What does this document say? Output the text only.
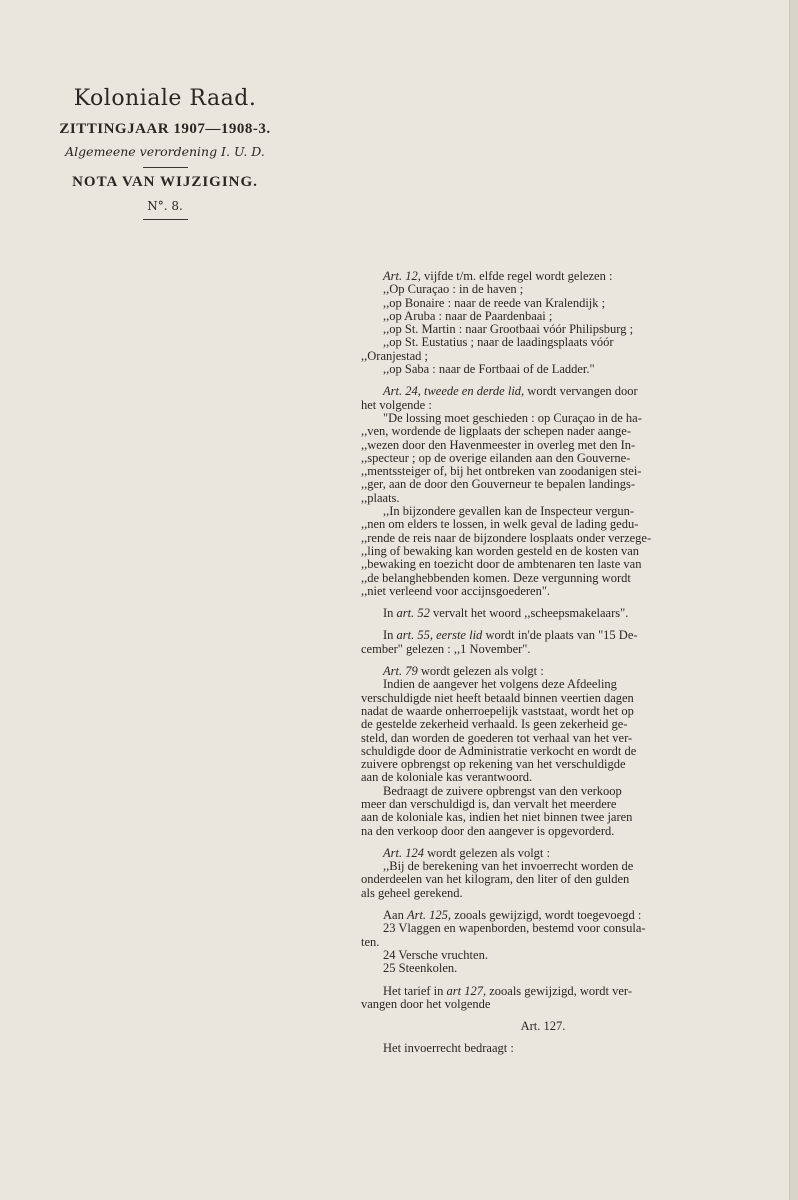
Koloniale Raad.
ZITTINGJAAR 1907—1908-3.
Algemeene verordening I. U. D.
NOTA VAN WIJZIGING.
N°. 8.
Art. 12, vijfde t/m. elfde regel wordt gelezen :
,,Op Curaçao : in de haven ;
,,op Bonaire : naar de reede van Kralendijk ;
,,op Aruba : naar de Paardenbaai ;
,,op St. Martin : naar Grootbaai vóór Philipsburg ;
,,op St. Eustatius ; naar de laadingsplaats vóór
,,Oranjestad ;
,,op Saba : naar de Fortbaai of de Ladder."
Art. 24, tweede en derde lid, wordt vervangen door
het volgende :
"De lossing moet geschieden : op Curaçao in de ha-
,,ven, wordende de ligplaats der schepen nader aange-
,,wezen door den Havenmeester in overleg met den In-
,,specteur ; op de overige eilanden aan den Gouverne-
,,mentssteiger of, bij het ontbreken van zoodanigen stei-
,,ger, aan de door den Gouverneur te bepalen landings-
,,plaats.
,,In bijzondere gevallen kan de Inspecteur vergun-
,,nen om elders te lossen, in welk geval de lading gedu-
,,rende de reis naar de bijzondere losplaats onder verzege-
,,ling of bewaking kan worden gesteld en de kosten van
,,bewaking en toezicht door de ambtenaren ten laste van
,,de belanghebbenden komen. Deze vergunning wordt
,,niet verleend voor accijnsgoederen".
In art. 52 vervalt het woord ,,scheepsmakelaars".
In art. 55, eerste lid wordt in'de plaats van "15 De-
cember" gelezen : ,,1 November".
Art. 79 wordt gelezen als volgt :
Indien de aangever het volgens deze Afdeeling
verschuldigde niet heeft betaald binnen veertien dagen
nadat de waarde onherroepelijk vaststaat, wordt het op
de gestelde zekerheid verhaald. Is geen zekerheid ge-
steld, dan worden de goederen tot verhaal van het ver-
schuldigde door de Administratie verkocht en wordt de
zuivere opbrengst op rekening van het verschuldigde
aan de koloniale kas verantwoord.
Bedraagt de zuivere opbrengst van den verkoop
meer dan verschuldigd is, dan vervalt het meerdere
aan de koloniale kas, indien het niet binnen twee jaren
na den verkoop door den aangever is opgevorderd.
Art. 124 wordt gelezen als volgt :
,,Bij de berekening van het invoerrecht worden de
onderdeelen van het kilogram, den liter of den gulden
als geheel gerekend.
Aan Art. 125, zooals gewijzigd, wordt toegevoegd :
23 Vlaggen en wapenborden, bestemd voor consula-
ten.
24 Versche vruchten.
25 Steenkolen.
Het tarief in art 127, zooals gewijzigd, wordt ver-
vangen door het volgende
Art. 127.
Het invoerrecht bedraagt :
